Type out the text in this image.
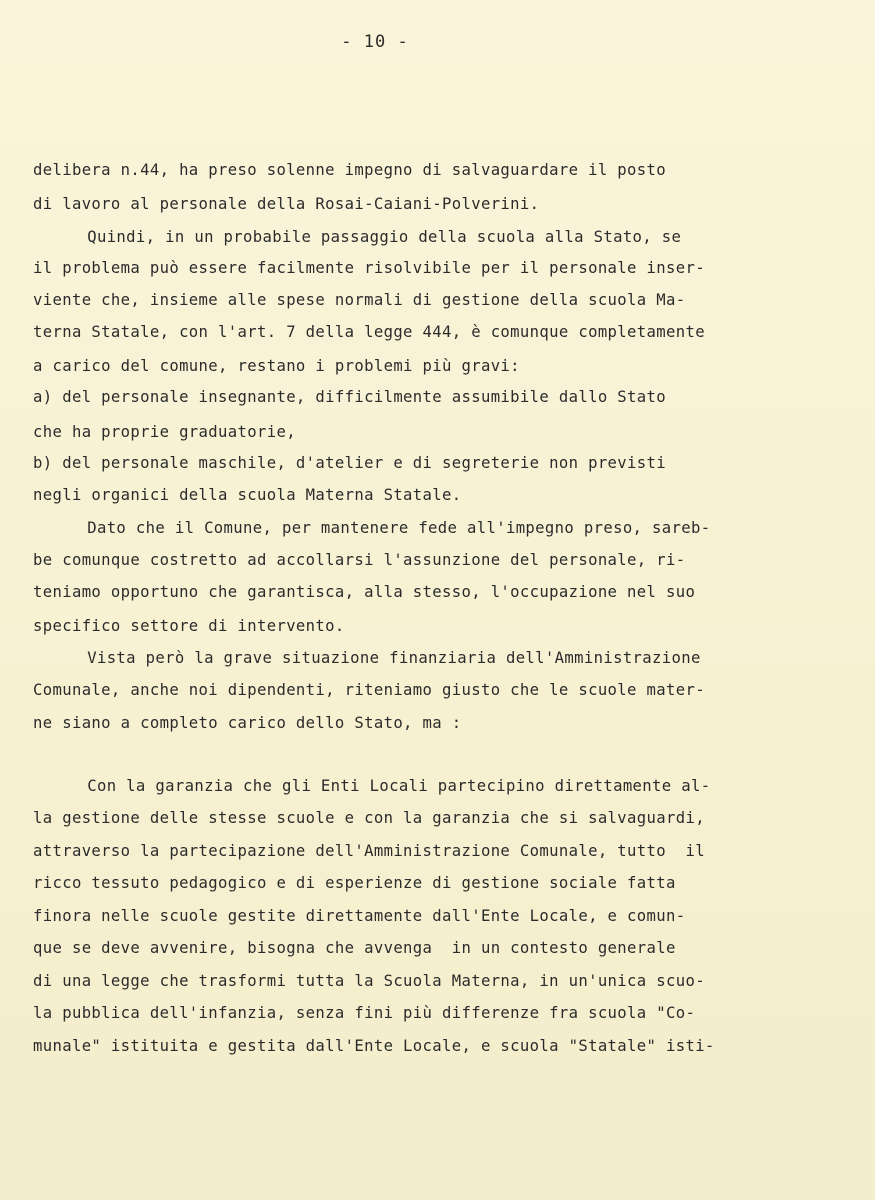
- 10 -
delibera n.44, ha preso solenne impegno di salvaguardare il posto
di lavoro al personale della Rosai-Caiani-Polverini.
Quindi, in un probabile passaggio della scuola alla Stato, se
il problema può essere facilmente risolvibile per il personale inser-
viente che, insieme alle spese normali di gestione della scuola Ma-
terna Statale, con l'art. 7 della legge 444, è comunque completamente
a carico del comune, restano i problemi più gravi:
a) del personale insegnante, difficilmente assumibile dallo Stato
che ha proprie graduatorie,
b) del personale maschile, d'atelier e di segreterie non previsti
negli organici della scuola Materna Statale.
Dato che il Comune, per mantenere fede all'impegno preso, sareb-
be comunque costretto ad accollarsi l'assunzione del personale, ri-
teniamo opportuno che garantisca, alla stesso, l'occupazione nel suo
specifico settore di intervento.
Vista però la grave situazione finanziaria dell'Amministrazione
Comunale, anche noi dipendenti, riteniamo giusto che le scuole mater-
ne siano a completo carico dello Stato, ma :
Con la garanzia che gli Enti Locali partecipino direttamente al-
la gestione delle stesse scuole e con la garanzia che si salvaguardi,
attraverso la partecipazione dell'Amministrazione Comunale, tutto  il
ricco tessuto pedagogico e di esperienze di gestione sociale fatta
finora nelle scuole gestite direttamente dall'Ente Locale, e comun-
que se deve avvenire, bisogna che avvenga  in un contesto generale
di una legge che trasformi tutta la Scuola Materna, in un'unica scuo-
la pubblica dell'infanzia, senza fini più differenze fra scuola "Co-
munale" istituita e gestita dall'Ente Locale, e scuola "Statale" isti-
